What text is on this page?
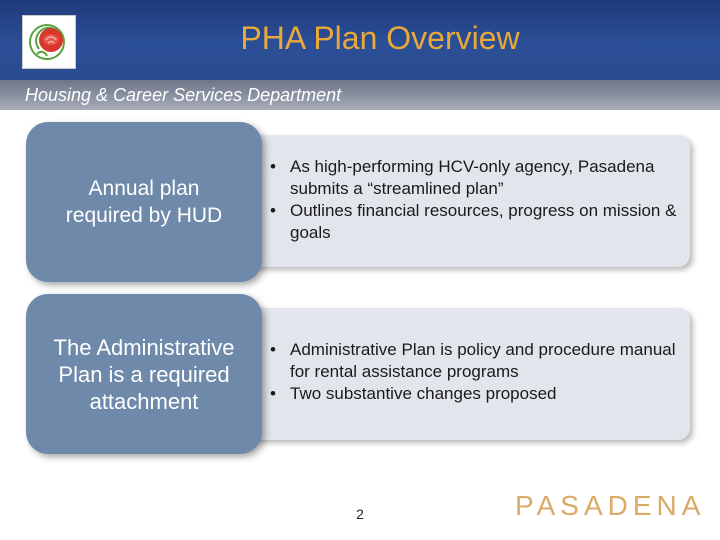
PHA Plan Overview
Housing & Career Services Department
• As high-performing HCV-only agency, Pasadena submits a “streamlined plan”
• Outlines financial resources, progress on mission & goals
Annual plan required by HUD
• Administrative Plan is policy and procedure manual for rental assistance programs
• Two substantive changes proposed
The Administrative Plan is a required attachment
2	PASADENA
